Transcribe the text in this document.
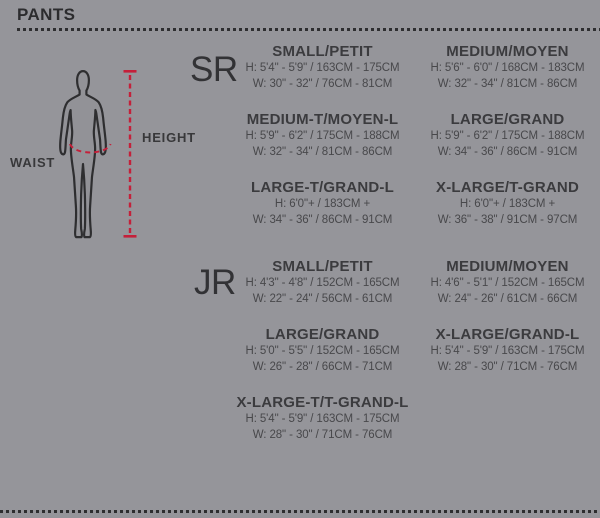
PANTS
WAIST
HEIGHT
SR	SMALL/PETIT
H: 5'4" - 5'9" / 163CM - 175CM
W: 30" - 32" / 76CM - 81CM
MEDIUM/MOYEN
H: 5'6" - 6'0" / 168CM - 183CM
W: 32" - 34" / 81CM - 86CM
MEDIUM-T/MOYEN-L
H: 5'9" - 6'2" / 175CM - 188CM
W: 32" - 34" / 81CM - 86CM
LARGE/GRAND
H: 5'9" - 6'2" / 175CM - 188CM
W: 34" - 36" / 86CM - 91CM
LARGE-T/GRAND-L
H: 6'0"+ / 183CM +
W: 34" - 36" / 86CM - 91CM
X-LARGE/T-GRAND
H: 6'0"+ / 183CM +
W: 36" - 38" / 91CM - 97CM
JR	SMALL/PETIT
H: 4'3" - 4'8" / 152CM - 165CM
W: 22" - 24" / 56CM - 61CM
MEDIUM/MOYEN
H: 4'6" - 5'1" / 152CM - 165CM
W: 24" - 26" / 61CM - 66CM
LARGE/GRAND
H: 5'0" - 5'5" / 152CM - 165CM
W: 26" - 28" / 66CM - 71CM
X-LARGE/GRAND-L
H: 5'4" - 5'9" / 163CM - 175CM
W: 28" - 30" / 71CM - 76CM
X-LARGE-T/T-GRAND-L
H: 5'4" - 5'9" / 163CM - 175CM
W: 28" - 30" / 71CM - 76CM
